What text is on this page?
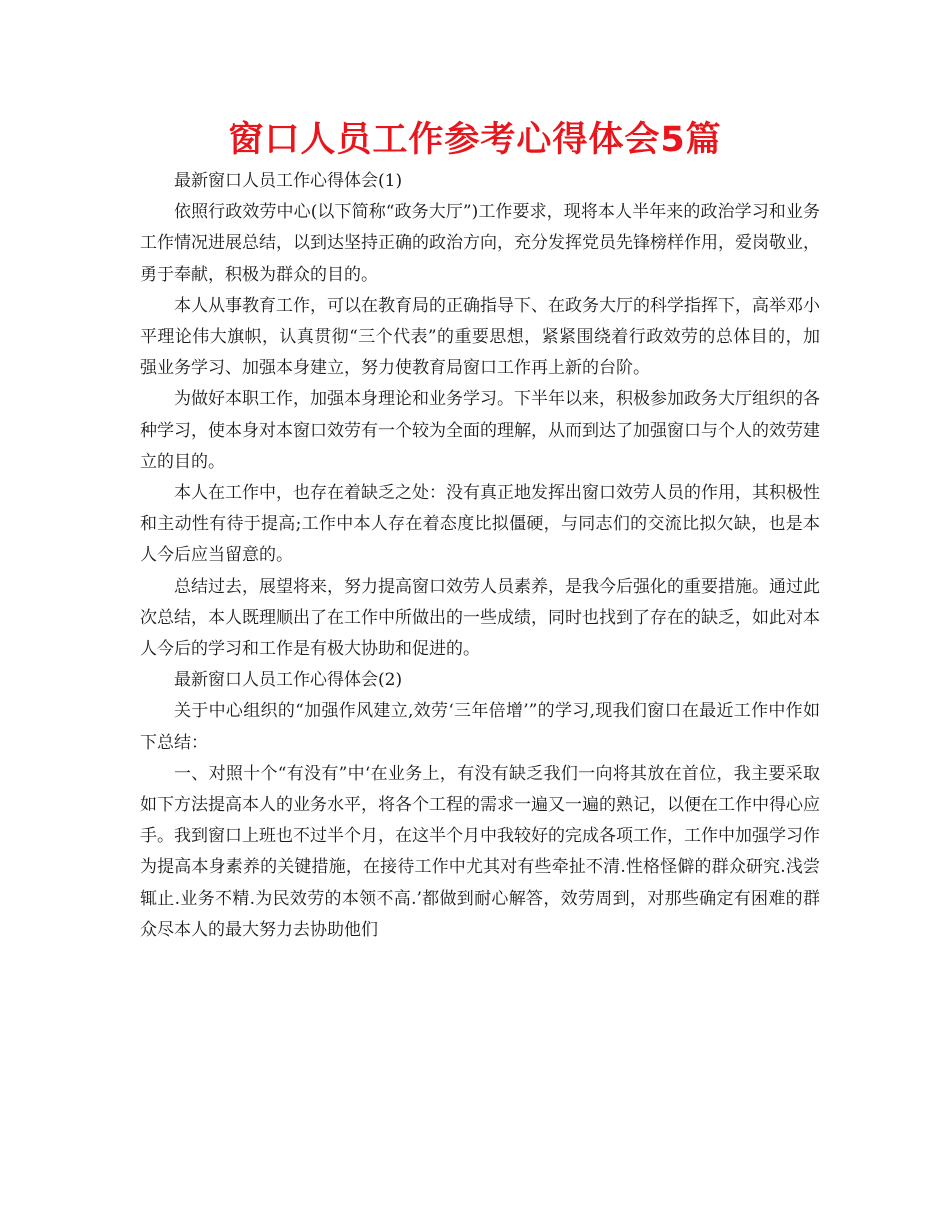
窗口人员工作参考心得体会5篇

最新窗口人员工作心得体会(1)

依照行政效劳中心(以下简称“政务大厅”)工作要求，现将本人半年来的政治学习和业务工作情况进展总结，以到达坚持正确的政治方向，充分发挥党员先锋榜样作用，爱岗敬业，勇于奉献，积极为群众的目的。

本人从事教育工作，可以在教育局的正确指导下、在政务大厅的科学指挥下，高举邓小平理论伟大旗帜，认真贯彻“三个代表”的重要思想，紧紧围绕着行政效劳的总体目的，加强业务学习、加强本身建立，努力使教育局窗口工作再上新的台阶。

为做好本职工作，加强本身理论和业务学习。下半年以来，积极参加政务大厅组织的各种学习，使本身对本窗口效劳有一个较为全面的理解，从而到达了加强窗口与个人的效劳建立的目的。

本人在工作中，也存在着缺乏之处：没有真正地发挥出窗口效劳人员的作用，其积极性和主动性有待于提高;工作中本人存在着态度比拟僵硬，与同志们的交流比拟欠缺，也是本人今后应当留意的。

总结过去，展望将来，努力提高窗口效劳人员素养，是我今后强化的重要措施。通过此次总结，本人既理顺出了在工作中所做出的一些成绩，同时也找到了存在的缺乏，如此对本人今后的学习和工作是有极大协助和促进的。

最新窗口人员工作心得体会(2)

关于中心组织的“加强作风建立,效劳‘三年倍增’”的学习,现我们窗口在最近工作中作如下总结：

一、对照十个“有没有”中‘在业务上，有没有缺乏我们一向将其放在首位，我主要采取如下方法提高本人的业务水平，将各个工程的需求一遍又一遍的熟记，以便在工作中得心应手。我到窗口上班也不过半个月，在这半个月中我较好的完成各项工作，工作中加强学习作为提高本身素养的关键措施，在接待工作中尤其对有些牵扯不清.性格怪僻的群众研究.浅尝辄止.业务不精.为民效劳的本领不高.’都做到耐心解答，效劳周到，对那些确定有困难的群众尽本人的最大努力去协助他们
